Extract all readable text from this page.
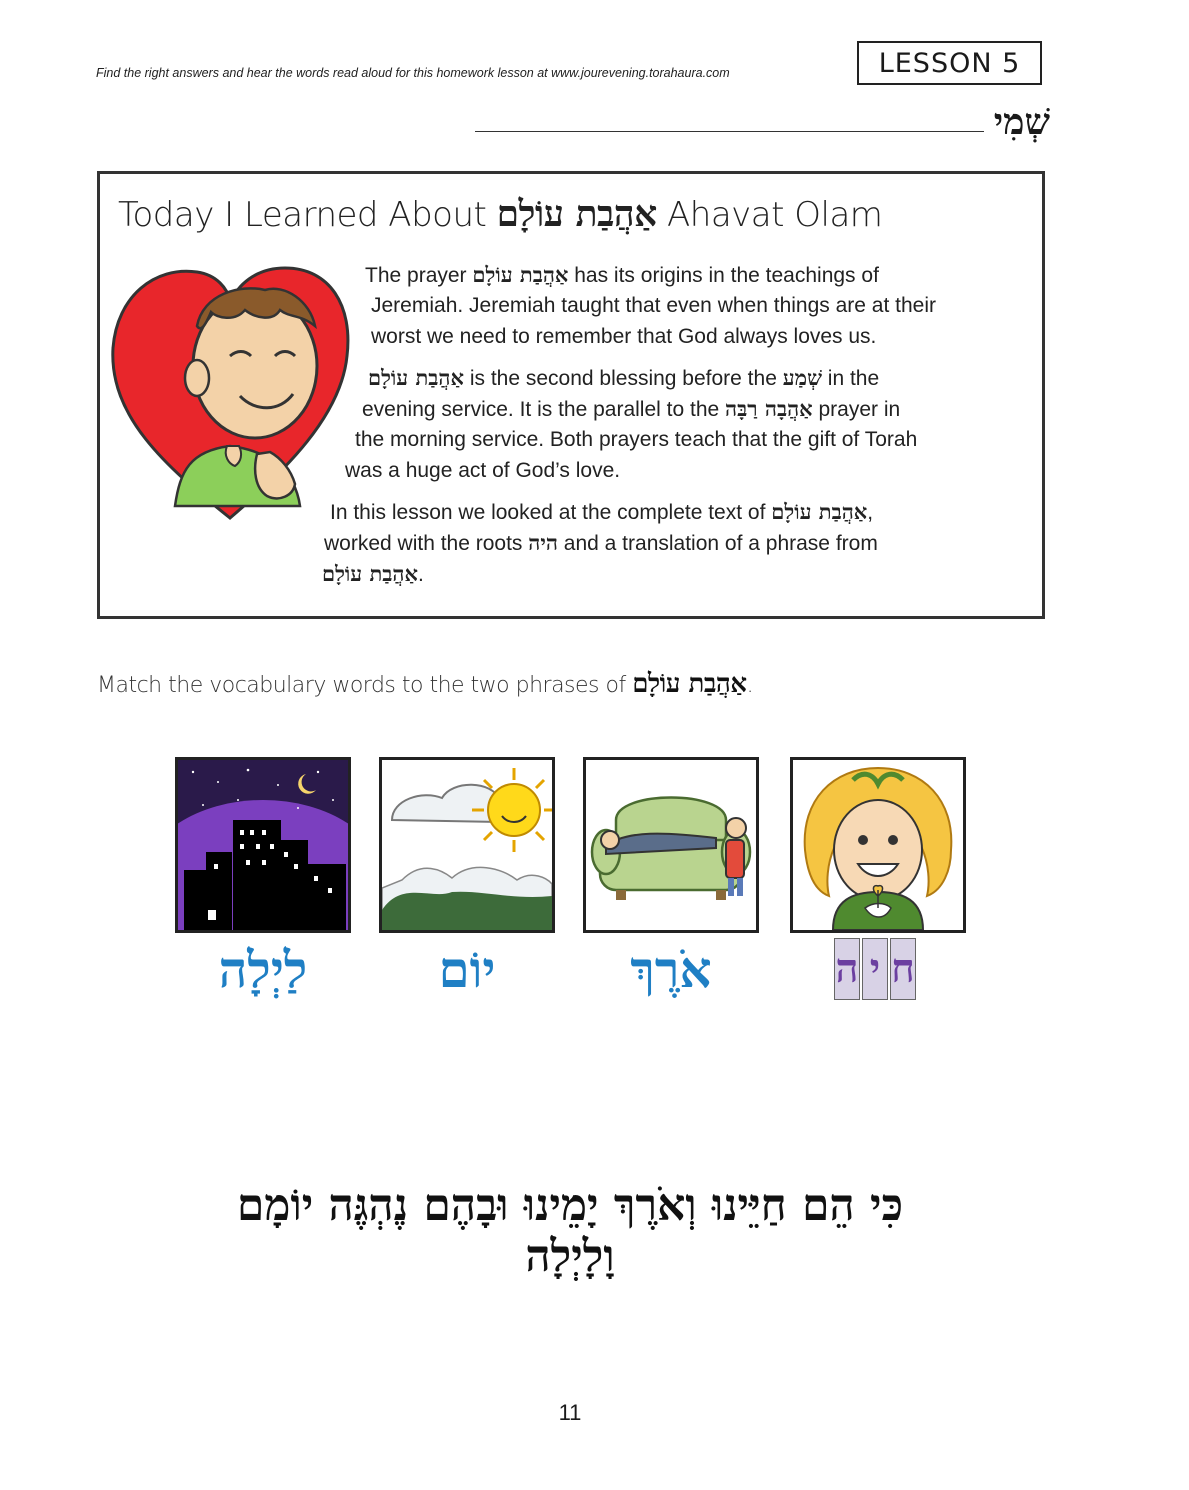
Find the right answers and hear the words read aloud for this homework lesson at www.jourevening.torahaura.com	LESSON 5
שְׁמִי
Today I Learned About אַהֲבַת עוֹלָם Ahavat Olam
The prayer אַהֲבַת עוֹלָם has its origins in the teachings of
Jeremiah. Jeremiah taught that even when things are at their
worst we need to remember that God always loves us.
אַהֲבַת עוֹלָם is the second blessing before the שְׁמַע in the
evening service. It is the parallel to the אַהֲבָה רַבָּה prayer in
the morning service. Both prayers teach that the gift of Torah
was a huge act of God’s love.
In this lesson we looked at the complete text of אַהֲבַת עוֹלָם,
worked with the roots היה and a translation of a phrase from
אַהֲבַת עוֹלָם.
Match the vocabulary words to the two phrases of אַהֲבַת עוֹלָם.
לַיְלָה	יוֹם	אֹרֶךְ	ה י ח
כִּי הֵם חַיֵּינוּ וְאֹרֶךְ יָמֵינוּ וּבָהֶם נֶהְגֶּה יוֹמָם וָלָיְלָה
11
